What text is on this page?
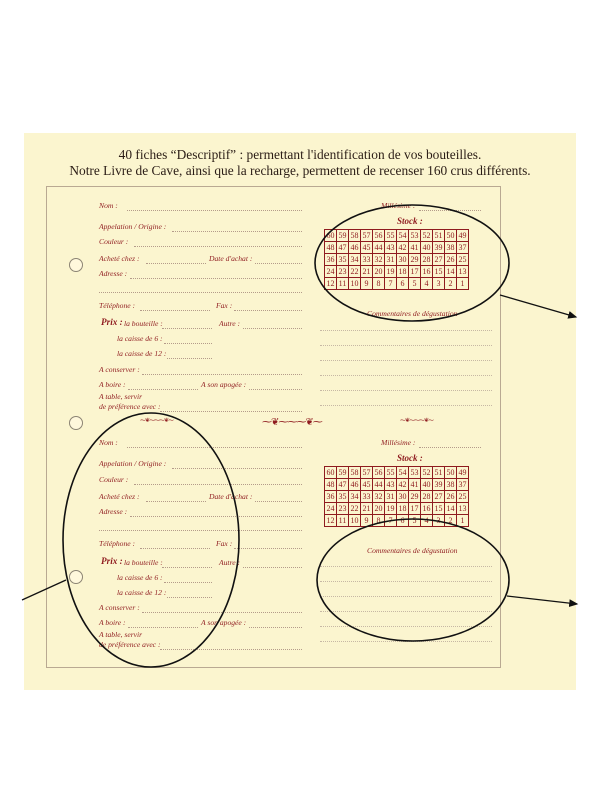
40 fiches “Descriptif” : permettant l'identification de vos bouteilles.
Notre Livre de Cave, ainsi que la recharge, permettent de recenser 160 crus différents.
Nom :	Millésime :
Appelation / Origine :
Couleur :
Acheté chez :	Date d'achat :
Adresse :
Téléphone :	Fax :
Prix : la bouteille :	Autre :
la caisse de 6 :
la caisse de 12 :
A conserver :
A boire :	A son apogée :
A table, servir
de préférence avec :
Stock :
60	59	58	57	56	55	54	53	52	51	50	49
48	47	46	45	44	43	42	41	40	39	38	37
36	35	34	33	32	31	30	29	28	27	26	25
24	23	22	21	20	19	18	17	16	15	14	13
12	11	10	9	8	7	6	5	4	3	2	1
Commentaires de dégustation
⁓❦⁓⁓⁓❦⁓
⁓❦⁓⁓⁓❦⁓	⁓❦⁓⁓⁓❦⁓
Nom :	Millésime :
Appelation / Origine :
Couleur :
Acheté chez :	Date d'achat :
Adresse :
Téléphone :	Fax :
Prix : la bouteille :	Autre :
la caisse de 6 :
la caisse de 12 :
A conserver :
A boire :	A son apogée :
A table, servir
de préférence avec :
Stock :
60	59	58	57	56	55	54	53	52	51	50	49
48	47	46	45	44	43	42	41	40	39	38	37
36	35	34	33	32	31	30	29	28	27	26	25
24	23	22	21	20	19	18	17	16	15	14	13
12	11	10	9	8	7	6	5	4	3	2	1
Commentaires de dégustation
